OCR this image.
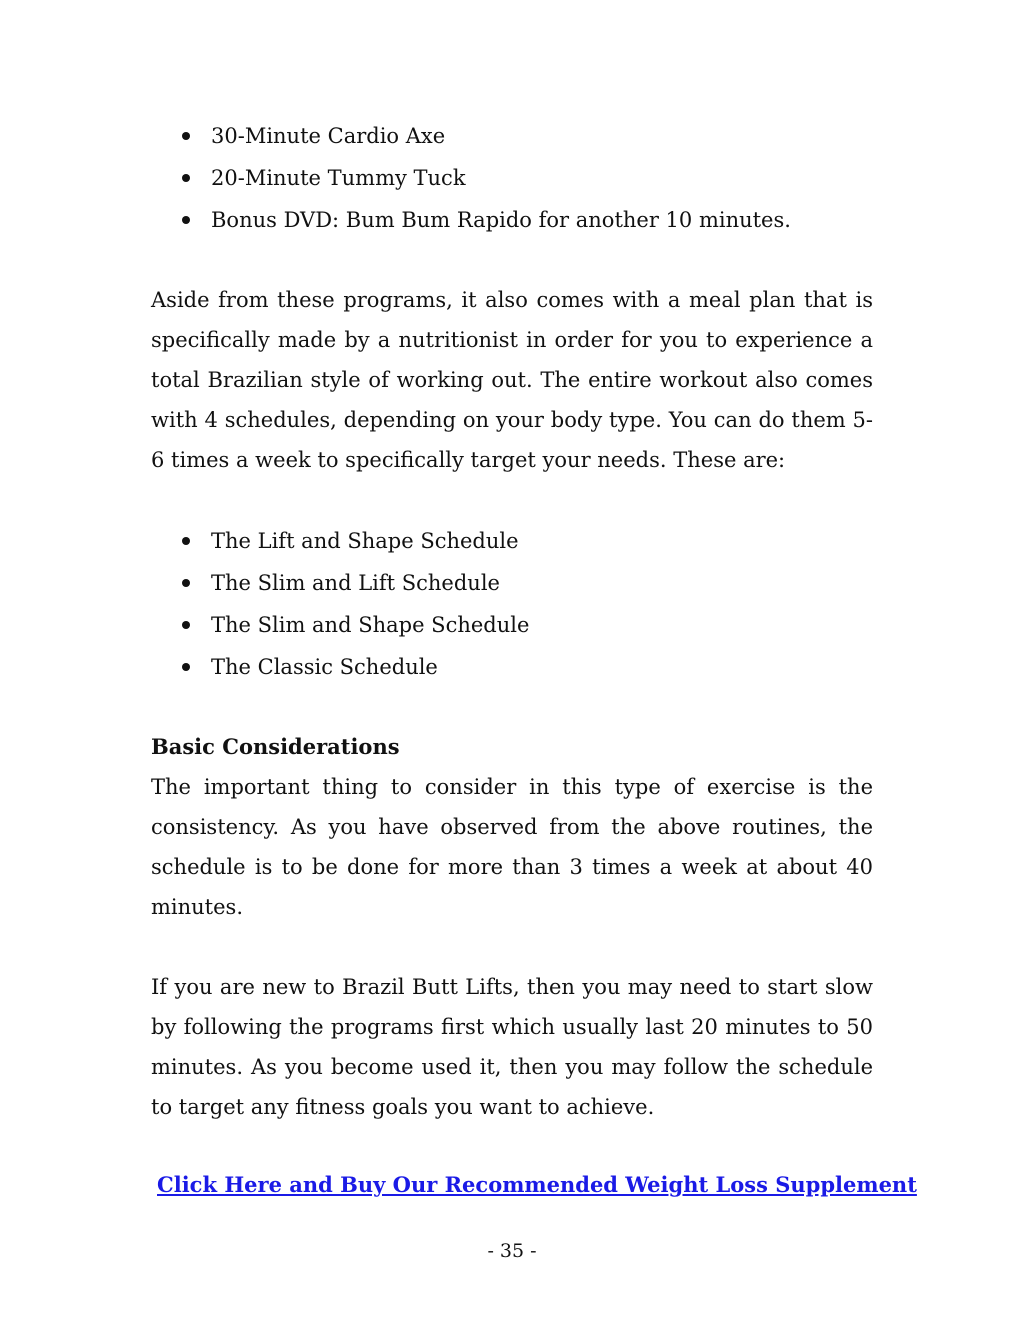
30-Minute Cardio Axe
20-Minute Tummy Tuck
Bonus DVD: Bum Bum Rapido for another 10 minutes.

Aside from these programs, it also comes with a meal plan that is specifically made by a nutritionist in order for you to experience a total Brazilian style of working out. The entire workout also comes with 4 schedules, depending on your body type. You can do them 5-6 times a week to specifically target your needs. These are:

The Lift and Shape Schedule
The Slim and Lift Schedule
The Slim and Shape Schedule
The Classic Schedule
Basic Considerations

The important thing to consider in this type of exercise is the consistency. As you have observed from the above routines, the schedule is to be done for more than 3 times a week at about 40 minutes.

If you are new to Brazil Butt Lifts, then you may need to start slow by following the programs first which usually last 20 minutes to 50 minutes. As you become used it, then you may follow the schedule to target any fitness goals you want to achieve.

Click Here and Buy Our Recommended Weight Loss Supplement
- 35 -
